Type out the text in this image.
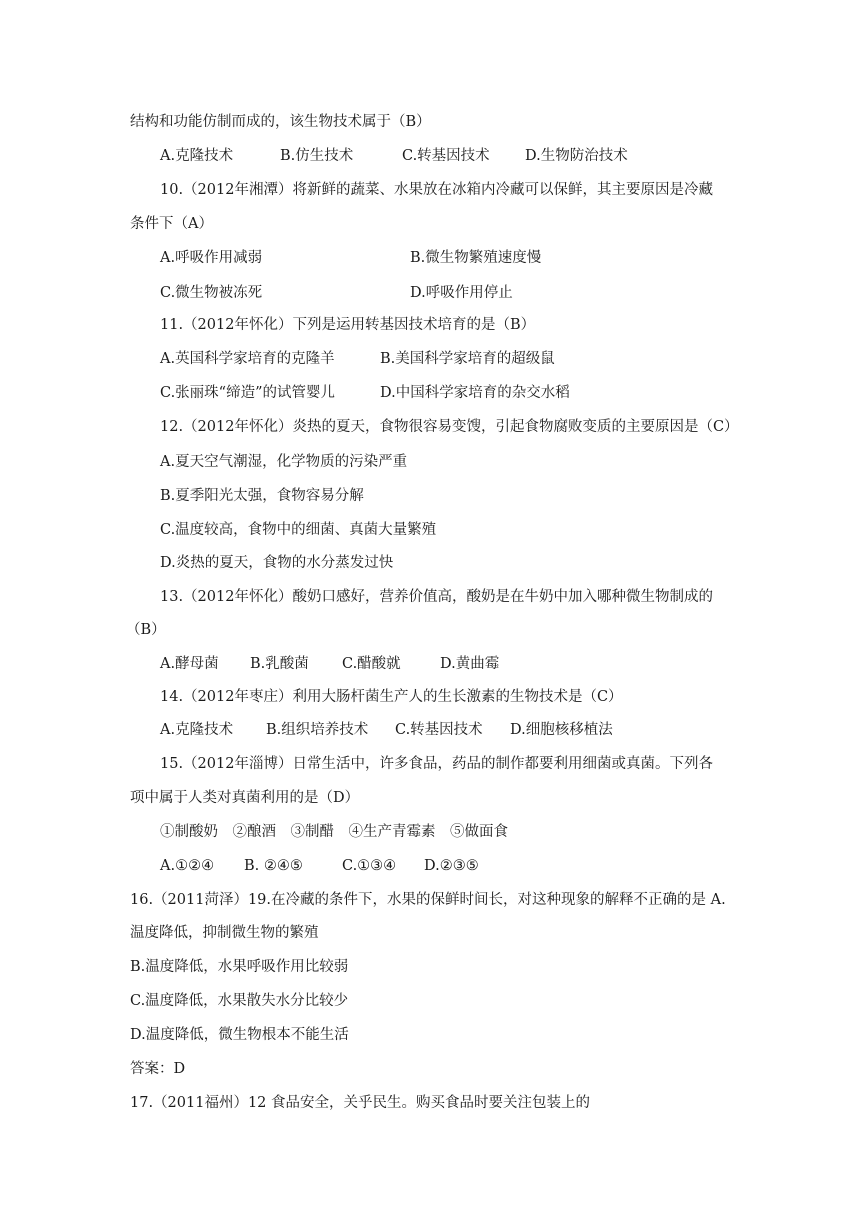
结构和功能仿制而成的，该生物技术属于（B）
A.克隆技术	B.仿生技术	C.转基因技术 D.生物防治技术
10.（2012年湘潭）将新鲜的蔬菜、水果放在冰箱内冷藏可以保鲜，其主要原因是冷藏
条件下（A）
A.呼吸作用减弱	B.微生物繁殖速度慢
C.微生物被冻死	D.呼吸作用停止
11.（2012年怀化）下列是运用转基因技术培育的是（B）
A.英国科学家培育的克隆羊	B.美国科学家培育的超级鼠
C.张丽珠“缔造”的试管婴儿	D.中国科学家培育的杂交水稻
12.（2012年怀化）炎热的夏天，食物很容易变馊，引起食物腐败变质的主要原因是（C）
A.夏天空气潮湿，化学物质的污染严重
B.夏季阳光太强，食物容易分解
C.温度较高，食物中的细菌、真菌大量繁殖
D.炎热的夏天，食物的水分蒸发过快
13.（2012年怀化）酸奶口感好，营养价值高，酸奶是在牛奶中加入哪种微生物制成的
（B）
A.酵母菌 B.乳酸菌 C.醋酸就	D.黄曲霉
14.（2012年枣庄）利用大肠杆菌生产人的生长激素的生物技术是（C）
A.克隆技术 B.组织培养技术 C.转基因技术 D.细胞核移植法
15.（2012年淄博）日常生活中，许多食品，药品的制作都要利用细菌或真菌。下列各
项中属于人类对真菌利用的是（D）
①制酸奶　②酿酒　③制醋　④生产青霉素　⑤做面食
A.①②④ B. ②④⑤	C.①③④ D.②③⑤
16.（2011菏泽）19.在冷藏的条件下，水果的保鲜时间长，对这种现象的解释不正确的是 A.
温度降低，抑制微生物的繁殖
B.温度降低，水果呼吸作用比较弱
C.温度降低，水果散失水分比较少
D.温度降低，微生物根本不能生活
答案：D
17.（2011福州）12 食品安全，关乎民生。购买食品时要关注包装上的
